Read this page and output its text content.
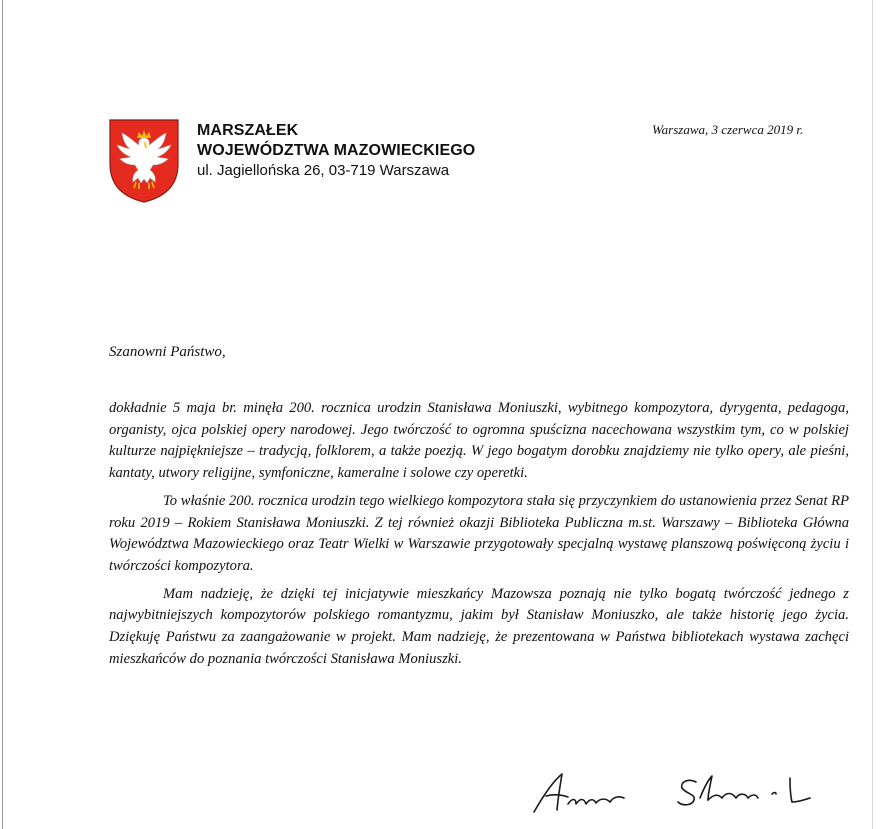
MARSZAŁEK
WOJEWÓDZTWA MAZOWIECKIEGO
ul. Jagiellońska 26, 03-719 Warszawa
Warszawa, 3 czerwca 2019 r.
Szanowni Państwo,

dokładnie 5 maja br. minęła 200. rocznica urodzin Stanisława Moniuszki, wybitnego kompozytora, dyrygenta, pedagoga, organisty, ojca polskiej opery narodowej. Jego twórczość to ogromna spuścizna nacechowana wszystkim tym, co w polskiej kulturze najpiękniejsze – tradycją, folklorem, a także poezją. W jego bogatym dorobku znajdziemy nie tylko opery, ale pieśni, kantaty, utwory religijne, symfoniczne, kameralne i solowe czy operetki.

To właśnie 200. rocznica urodzin tego wielkiego kompozytora stała się przyczynkiem do ustanowienia przez Senat RP roku 2019 – Rokiem Stanisława Moniuszki. Z tej również okazji Biblioteka Publiczna m.st. Warszawy – Biblioteka Główna Województwa Mazowieckiego oraz Teatr Wielki w Warszawie przygotowały specjalną wystawę planszową poświęconą życiu i twórczości kompozytora.

Mam nadzieję, że dzięki tej inicjatywie mieszkańcy Mazowsza poznają nie tylko bogatą twórczość jednego z najwybitniejszych kompozytorów polskiego romantyzmu, jakim był Stanisław Moniuszko, ale także historię jego życia. Dziękuję Państwu za zaangażowanie w projekt. Mam nadzieję, że prezentowana w Państwa bibliotekach wystawa zachęci mieszkańców do poznania twórczości Stanisława Moniuszki.
